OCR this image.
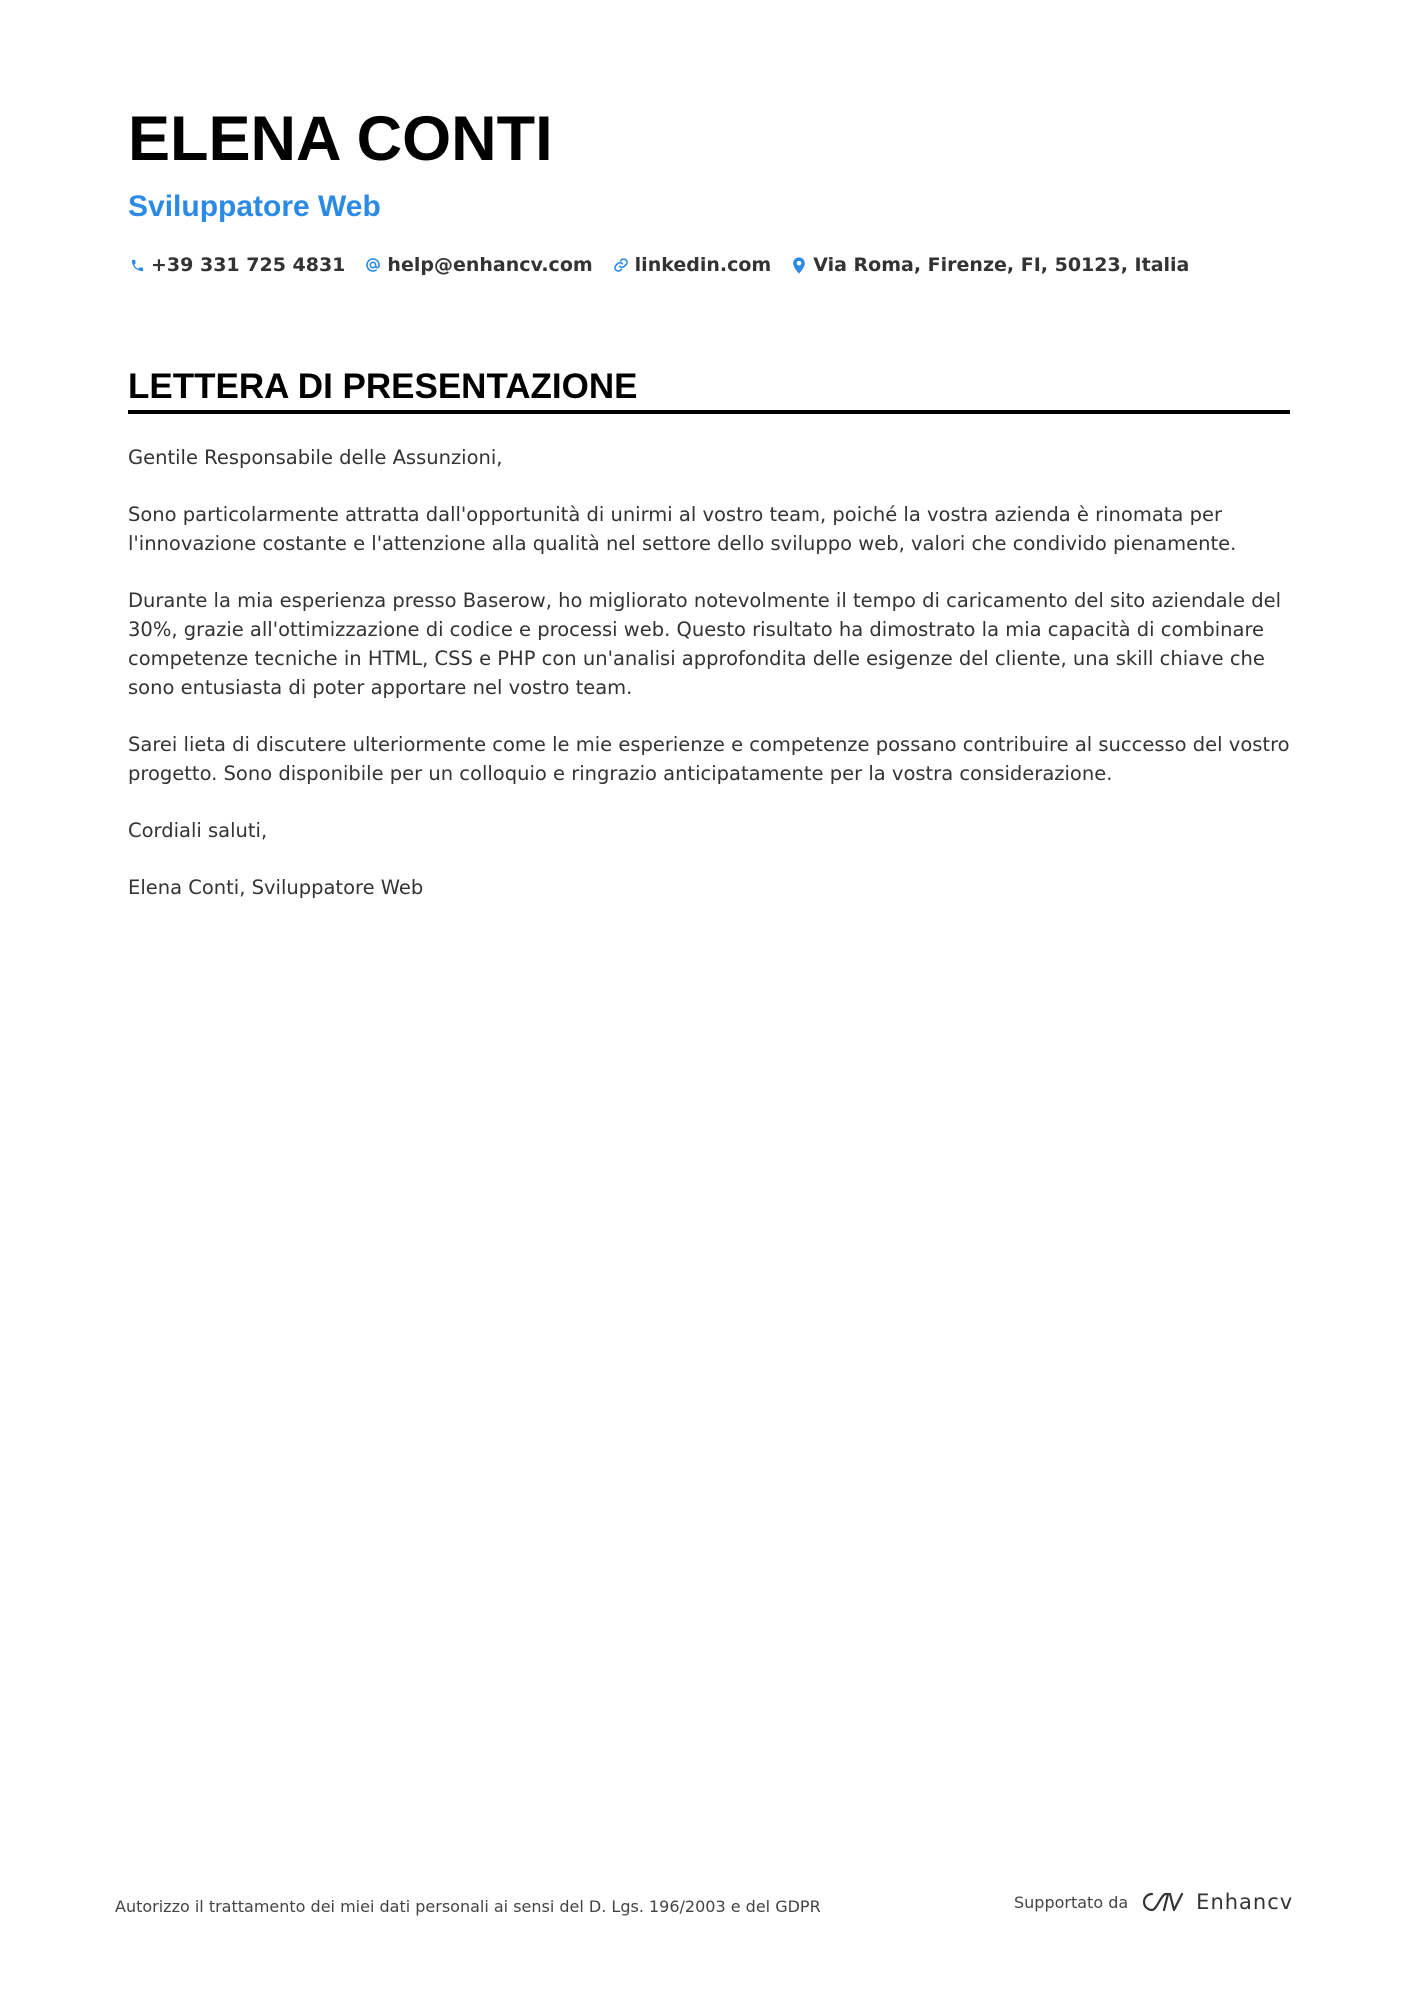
ELENA CONTI
Sviluppatore Web
+39 331 725 4831 help@enhancv.com linkedin.com Via Roma, Firenze, FI, 50123, Italia
LETTERA DI PRESENTAZIONE

Gentile Responsabile delle Assunzioni,

Sono particolarmente attratta dall'opportunità di unirmi al vostro team, poiché la vostra azienda è rinomata per
l'innovazione costante e l'attenzione alla qualità nel settore dello sviluppo web, valori che condivido pienamente.

Durante la mia esperienza presso Baserow, ho migliorato notevolmente il tempo di caricamento del sito aziendale del
30%, grazie all'ottimizzazione di codice e processi web. Questo risultato ha dimostrato la mia capacità di combinare
competenze tecniche in HTML, CSS e PHP con un'analisi approfondita delle esigenze del cliente, una skill chiave che
sono entusiasta di poter apportare nel vostro team.

Sarei lieta di discutere ulteriormente come le mie esperienze e competenze possano contribuire al successo del vostro
progetto. Sono disponibile per un colloquio e ringrazio anticipatamente per la vostra considerazione.

Cordiali saluti,

Elena Conti, Sviluppatore Web

Autorizzo il trattamento dei miei dati personali ai sensi del D. Lgs. 196/2003 e del GDPR	Supportato da	Enhancv
